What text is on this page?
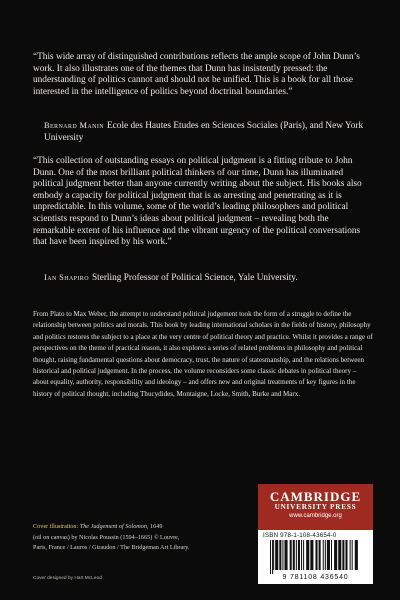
“This wide array of distinguished contributions reflects the ample scope of John Dunn’s work. It also illustrates one of the themes that Dunn has insistently pressed: the understanding of politics cannot and should not be unified. This is a book for all those interested in the intelligence of politics beyond doctrinal boundaries.”

Bernard Manin Ecole des Hautes Etudes en Sciences Sociales (Paris), and New York University

“This collection of outstanding essays on political judgment is a fitting tribute to John Dunn. One of the most brilliant political thinkers of our time, Dunn has illuminated political judgment better than anyone currently writing about the subject. His books also embody a capacity for political judgment that is as arresting and penetrating as it is unpredictable. In this volume, some of the world’s leading philosophers and political scientists respond to Dunn’s ideas about political judgment – revealing both the remarkable extent of his influence and the vibrant urgency of the political conversations that have been inspired by his work.”

Ian Shapiro Sterling Professor of Political Science, Yale University.

From Plato to Max Weber, the attempt to understand political judgement took the form of a struggle to define the relationship between politics and morals. This book by leading international scholars in the fields of history, philosophy and politics restores the subject to a place at the very centre of political theory and practice. Whilst it provides a range of perspectives on the theme of practical reason, it also explores a series of related problems in philosophy and political thought, raising fundamental questions about democracy, trust, the nature of statesmanship, and the relations between historical and political judgement. In the process, the volume reconsiders some classic debates in political theory – about equality, authority, responsibility and ideology – and offers new and original treatments of key figures in the history of political thought, including Thucydides, Montaigne, Locke, Smith, Burke and Marx.

Cover illustration: The Judgement of Solomon, 1649
(oil on canvas) by Nicolas Poussin (1594–1665) © Louvre,
Paris, France / Lauros / Giraudon / The Bridgeman Art Library.
Cover designed by Hart McLeod
CAMBRIDGE
UNIVERSITY PRESS
www.cambridge.org
ISBN 978-1-108-43654-0
9 781108 436540
